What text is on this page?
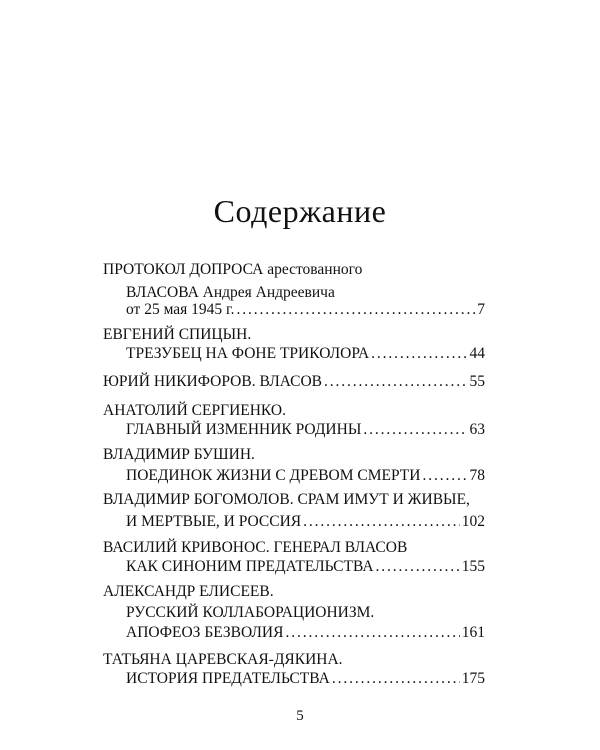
Содержание
ПРОТОКОЛ ДОПРОСА арестованного
ВЛАСОВА Андрея Андреевича
от 25 мая 1945 г. . . .	7
ЕВГЕНИЙ СПИЦЫН.
ТРЕЗУБЕЦ НА ФОНЕ ТРИКОЛОРА . . .	44
ЮРИЙ НИКИФОРОВ. ВЛАСОВ . . .	55
АНАТОЛИЙ СЕРГИЕНКО.
ГЛАВНЫЙ ИЗМЕННИК РОДИНЫ . . .	63
ВЛАДИМИР БУШИН.
ПОЕДИНОК ЖИЗНИ С ДРЕВОМ СМЕРТИ . . .	78
ВЛАДИМИР БОГОМОЛОВ. СРАМ ИМУТ И ЖИВЫЕ,
И МЕРТВЫЕ, И РОССИЯ . . .	102
ВАСИЛИЙ КРИВОНОС. ГЕНЕРАЛ ВЛАСОВ
КАК СИНОНИМ ПРЕДАТЕЛЬСТВА . . .	155
АЛЕКСАНДР ЕЛИСЕЕВ.
РУССКИЙ КОЛЛАБОРАЦИОНИЗМ.
АПОФЕОЗ БЕЗВОЛИЯ . . .	161
ТАТЬЯНА ЦАРЕВСКАЯ-ДЯКИНА.
ИСТОРИЯ ПРЕДАТЕЛЬСТВА . . .	175
5
